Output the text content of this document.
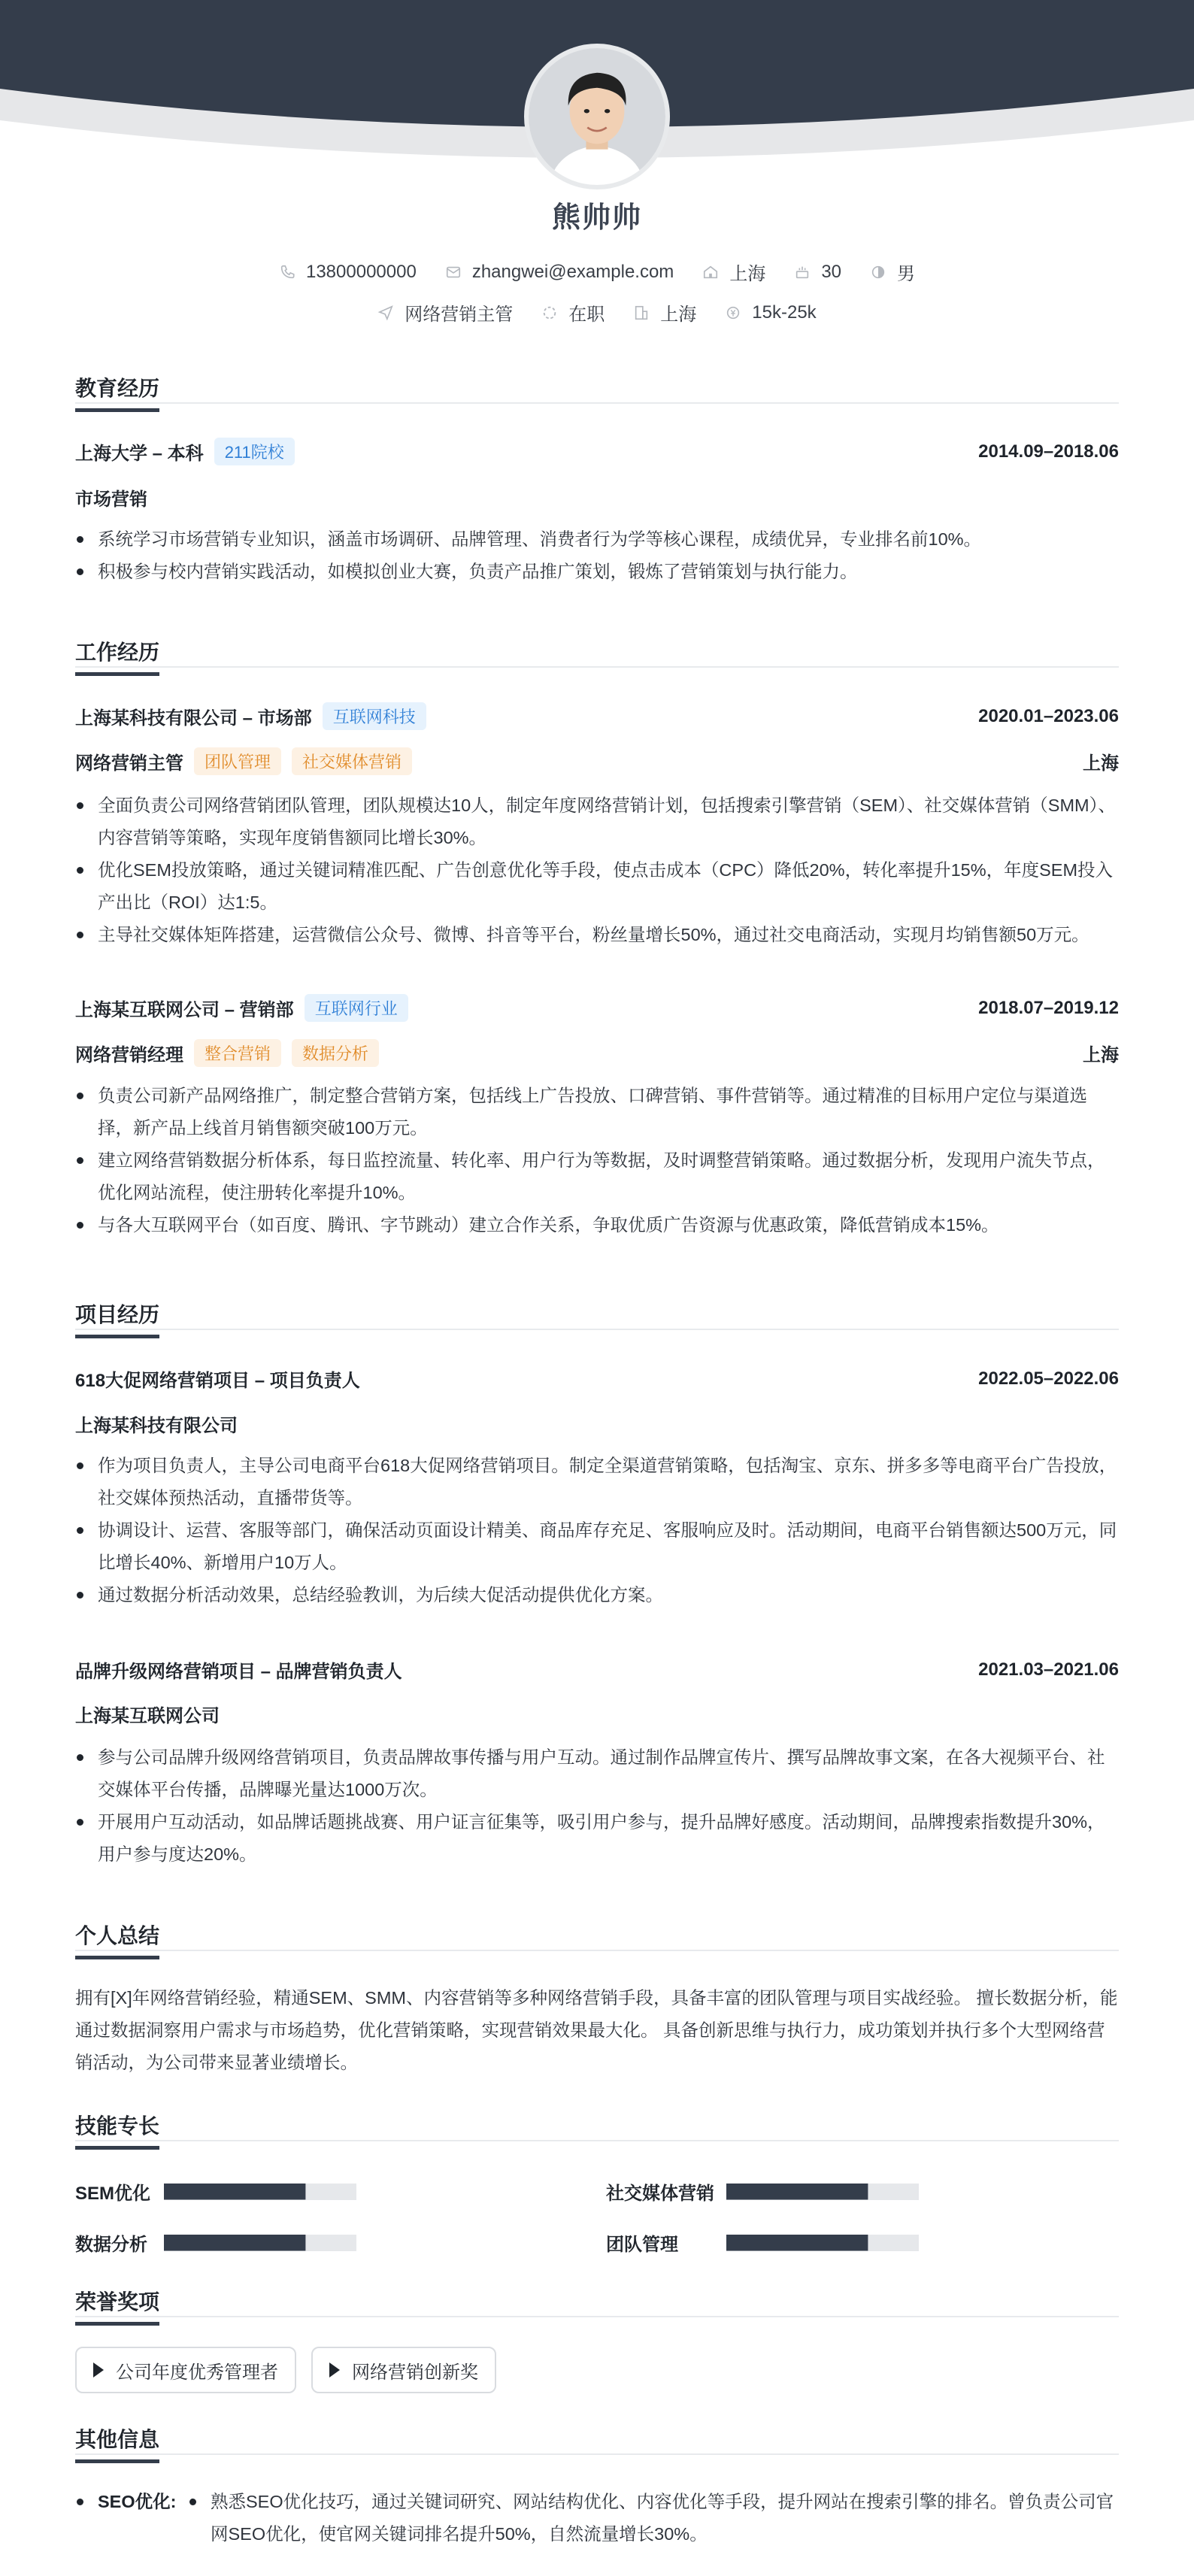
熊帅帅
13800000000	zhangwei@example.com	上海	30	男
网络营销主管	在职	上海	15k-25k
教育经历
上海大学 – 本科	211院校	2014.09–2018.06
市场营销
系统学习市场营销专业知识，涵盖市场调研、品牌管理、消费者行为学等核心课程，成绩优异，专业排名前10%。
积极参与校内营销实践活动，如模拟创业大赛，负责产品推广策划，锻炼了营销策划与执行能力。
工作经历
上海某科技有限公司 – 市场部	互联网科技	2020.01–2023.06
网络营销主管	团队管理	社交媒体营销	上海
全面负责公司网络营销团队管理，团队规模达10人，制定年度网络营销计划，包括搜索引擎营销（SEM）、社交媒体营销（SMM）、内容营销等策略，实现年度销售额同比增长30%。
优化SEM投放策略，通过关键词精准匹配、广告创意优化等手段，使点击成本（CPC）降低20%，转化率提升15%，年度SEM投入产出比（ROI）达1:5。
主导社交媒体矩阵搭建，运营微信公众号、微博、抖音等平台，粉丝量增长50%，通过社交电商活动，实现月均销售额50万元。
上海某互联网公司 – 营销部	互联网行业	2018.07–2019.12
网络营销经理	整合营销	数据分析	上海
负责公司新产品网络推广，制定整合营销方案，包括线上广告投放、口碑营销、事件营销等。通过精准的目标用户定位与渠道选择，新产品上线首月销售额突破100万元。
建立网络营销数据分析体系，每日监控流量、转化率、用户行为等数据，及时调整营销策略。通过数据分析，发现用户流失节点，优化网站流程，使注册转化率提升10%。
与各大互联网平台（如百度、腾讯、字节跳动）建立合作关系，争取优质广告资源与优惠政策，降低营销成本15%。
项目经历
618大促网络营销项目 – 项目负责人	2022.05–2022.06
上海某科技有限公司
作为项目负责人，主导公司电商平台618大促网络营销项目。制定全渠道营销策略，包括淘宝、京东、拼多多等电商平台广告投放，社交媒体预热活动，直播带货等。
协调设计、运营、客服等部门，确保活动页面设计精美、商品库存充足、客服响应及时。活动期间，电商平台销售额达500万元，同比增长40%、新增用户10万人。
通过数据分析活动效果，总结经验教训，为后续大促活动提供优化方案。
品牌升级网络营销项目 – 品牌营销负责人	2021.03–2021.06
上海某互联网公司
参与公司品牌升级网络营销项目，负责品牌故事传播与用户互动。通过制作品牌宣传片、撰写品牌故事文案，在各大视频平台、社交媒体平台传播，品牌曝光量达1000万次。
开展用户互动活动，如品牌话题挑战赛、用户证言征集等，吸引用户参与，提升品牌好感度。活动期间，品牌搜索指数提升30%，用户参与度达20%。
个人总结
拥有[X]年网络营销经验，精通SEM、SMM、内容营销等多种网络营销手段，具备丰富的团队管理与项目实战经验。 擅长数据分析，能通过数据洞察用户需求与市场趋势，优化营销策略，实现营销效果最大化。 具备创新思维与执行力，成功策划并执行多个大型网络营销活动，为公司带来显著业绩增长。
技能专长
SEM优化	社交媒体营销
数据分析	团队管理
荣誉奖项
公司年度优秀管理者	网络营销创新奖
其他信息
SEO优化:	熟悉SEO优化技巧，通过关键词研究、网站结构优化、内容优化等手段，提升网站在搜索引擎的排名。曾负责公司官网SEO优化，使官网关键词排名提升50%，自然流量增长30%。
